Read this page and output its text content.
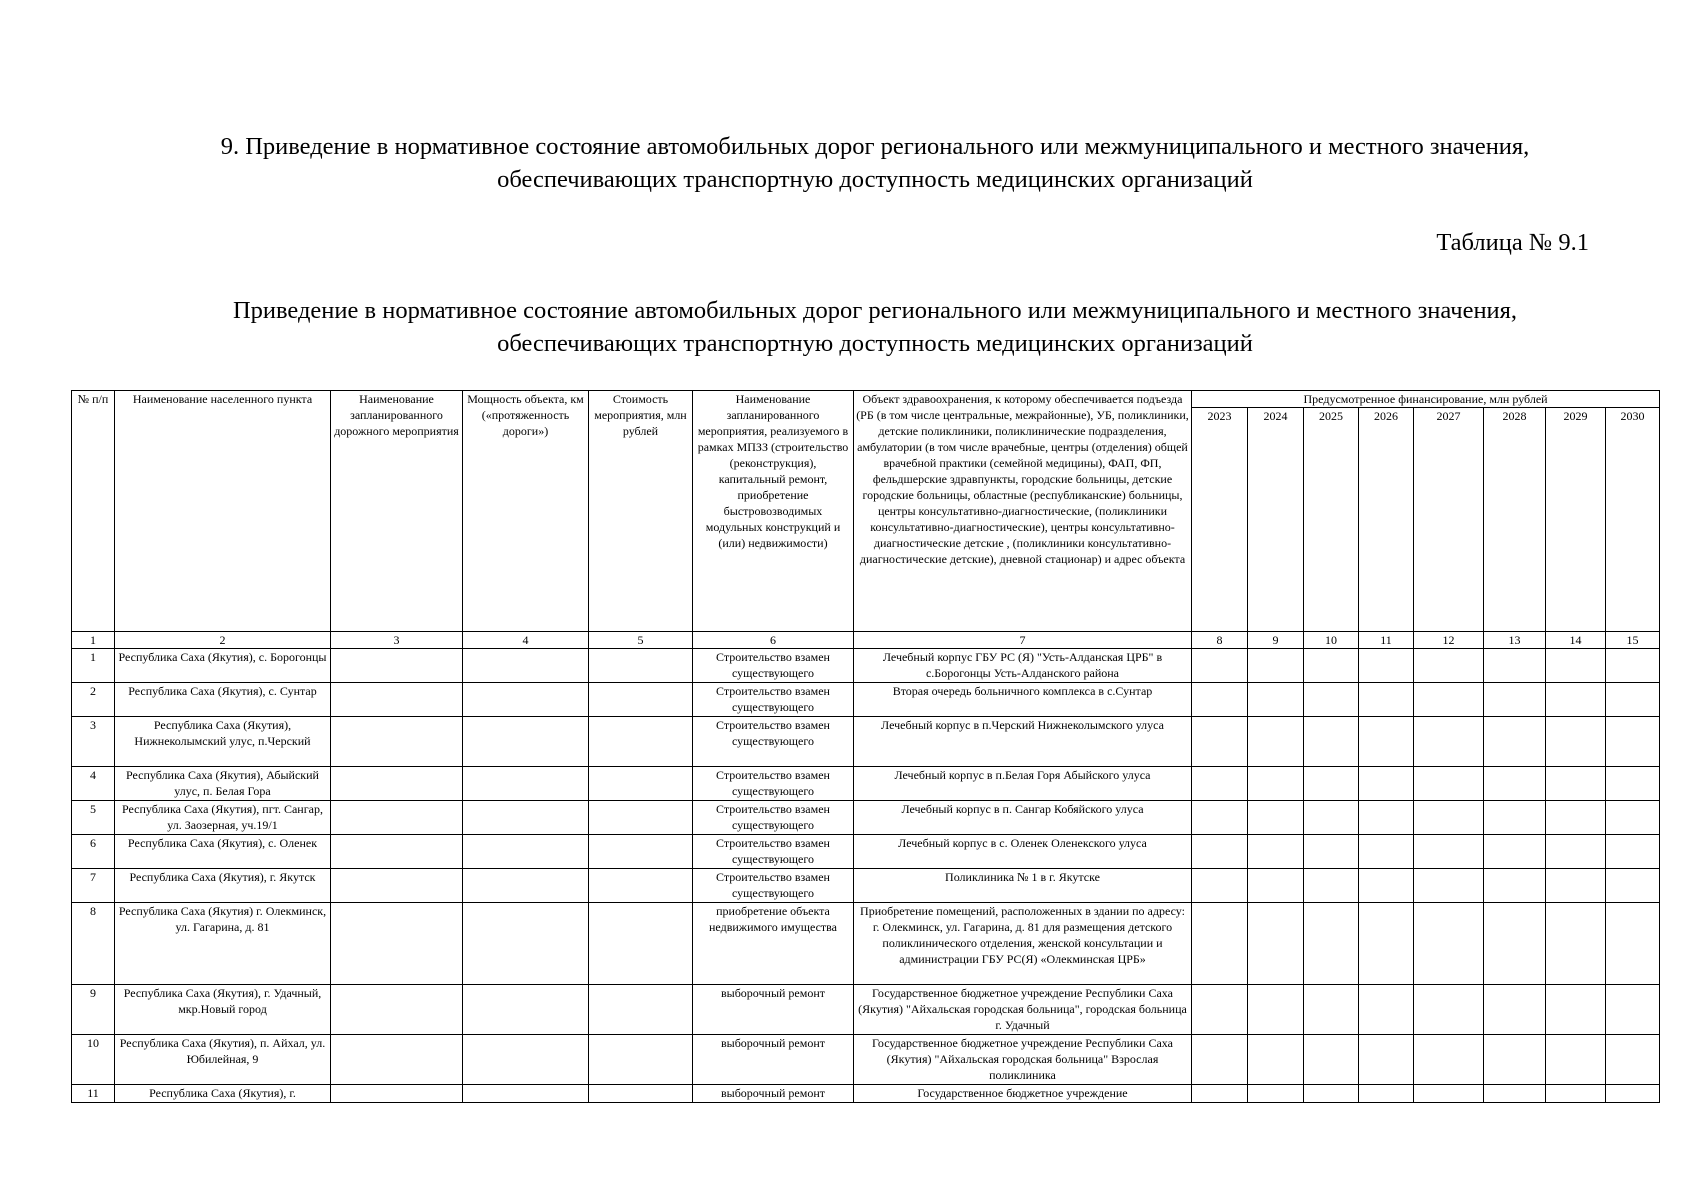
9. Приведение в нормативное состояние автомобильных дорог регионального или межмуниципального и местного значения, обеспечивающих транспортную доступность медицинских организаций
Таблица № 9.1
Приведение в нормативное состояние автомобильных дорог регионального или межмуниципального и местного значения, обеспечивающих транспортную доступность медицинских организаций
№ п/п	Наименование населенного пункта	Наименование запланированного дорожного мероприятия	Мощность объекта, км («протяженность дороги»)	Стоимость мероприятия, млн рублей	Наименование запланированного мероприятия, реализуемого в рамках МПЗЗ (строительство (реконструкция), капитальный ремонт, приобретение быстровозводимых модульных конструкций и (или) недвижимости)	Объект здравоохранения, к которому обеспечивается подъезда (РБ (в том числе центральные, межрайонные), УБ, поликлиники, детские поликлиники, поликлинические подразделения, амбулатории (в том числе врачебные, центры (отделения) общей врачебной практики (семейной медицины), ФАП, ФП, фельдшерские здравпункты, городские больницы, детские городские больницы, областные (республиканские) больницы, центры консультативно-диагностические, (поликлиники консультативно-диагностические), центры консультативно-диагностические детские , (поликлиники консультативно-диагностические детские), дневной стационар) и адрес объекта	Предусмотренное финансирование, млн рублей							
							2023	2024	2025	2026	2027	2028	2029	2030
1	2	3	4	5	6	7	8	9	10	11	12	13	14	15
1	Республика Саха (Якутия), с. Борогонцы				Строительство взамен существующего	Лечебный корпус ГБУ РС (Я) "Усть-Алданская ЦРБ" в с.Борогонцы Усть-Алданского района								
2	Республика Саха (Якутия), с. Сунтар				Строительство взамен существующего	Вторая очередь больничного комплекса в с.Сунтар								
3	Республика Саха (Якутия), Нижнеколымский улус, п.Черский				Строительство взамен существующего	Лечебный корпус в п.Черский Нижнеколымского улуса								
4	Республика Саха (Якутия), Абыйский улус, п. Белая Гора				Строительство взамен существующего	Лечебный корпус в п.Белая Горя Абыйского улуса								
5	Республика Саха (Якутия), пгт. Сангар, ул. Заозерная, уч.19/1				Строительство взамен существующего	Лечебный корпус в п. Сангар Кобяйского улуса								
6	Республика Саха (Якутия), с. Оленек				Строительство взамен существующего	Лечебный корпус в с. Оленек Оленекского улуса								
7	Республика Саха (Якутия), г. Якутск				Строительство взамен существующего	Поликлиника № 1 в г. Якутске								
8	Республика Саха (Якутия) г. Олекминск, ул. Гагарина, д. 81				приобретение объекта недвижимого имущества	Приобретение помещений, расположенных в здании по адресу: г. Олекминск, ул. Гагарина, д. 81 для размещения детского поликлинического отделения, женской консультации и администрации ГБУ РС(Я) «Олекминская ЦРБ»								
9	Республика Саха (Якутия), г. Удачный, мкр.Новый город				выборочный ремонт	Государственное бюджетное учреждение Республики Саха (Якутия) "Айхальская городская больница", городская больница г. Удачный								
10	Республика Саха (Якутия), п. Айхал, ул. Юбилейная, 9				выборочный ремонт	Государственное бюджетное учреждение Республики Саха (Якутия) "Айхальская городская больница" Взрослая поликлиника								
11	Республика Саха (Якутия), г.				выборочный ремонт	Государственное бюджетное учреждение								
